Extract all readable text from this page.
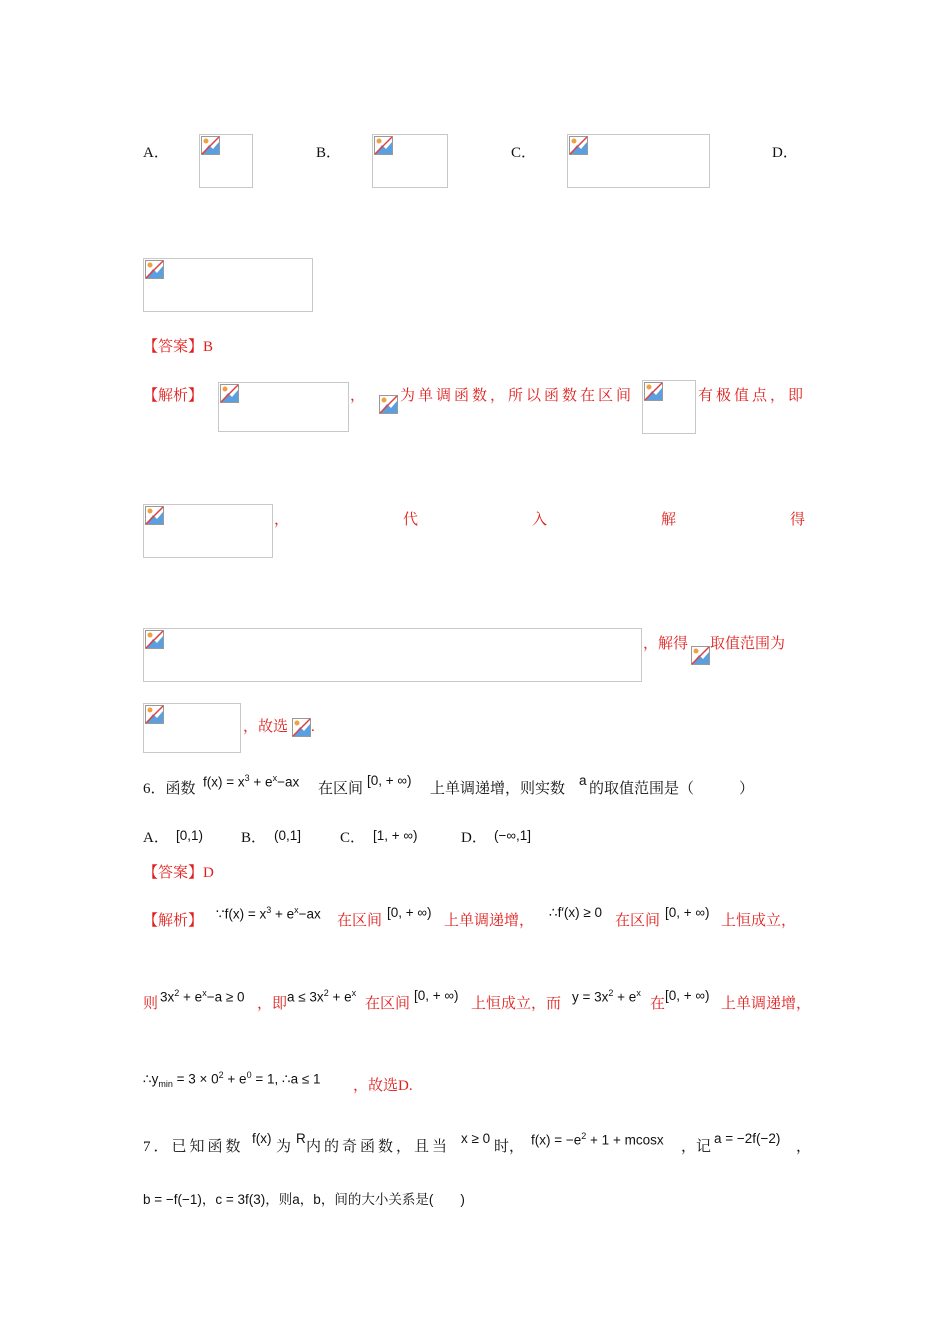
A．	B．	C．	D．
【答案】B
【解析】	， 为单调函数，所以函数在区间	有极值点，即
，	代	入	解	得
，解得 取值范围为
，故选 .
6．函数 $f(x) = x^3 + e^x-ax$ 在区间
[0, + ∞)
上单调递增，则实数
a
的取值范围是（　　　）
A． [0,1)	B． (0,1]	C． [1, + ∞)	D． (−∞,1]
【答案】D
【解析】 ∵f(x) = $x^3 + e^x-ax$ 在区间
[0, + ∞)
上单调递增，
∴f′(x) ≥ 0
在区间
[0, + ∞)
上恒成立，
则 $3x^2 + e^x-a \ge 0$ ，即 $a \le 3x^2 + e^x$
在区间
[0, + ∞)
上恒成立，而 $y = 3x^2 + e^x$
在
[0, + ∞)
上单调递增，
$\therefore y_{min} = 3 \times 0^2 + e^0 = 1$, ∴a ≤ 1 ，故选D.
7．已知函数
f(x)
为
R
内的奇函数，且当
x ≥ 0
时， $f(x) = -e^2 + 1 + mcosx$ ，记
a = −2f(−2)
，
b = −f(−1)，c = 3f(3)，则a，b，间的大小关系是(　　)
